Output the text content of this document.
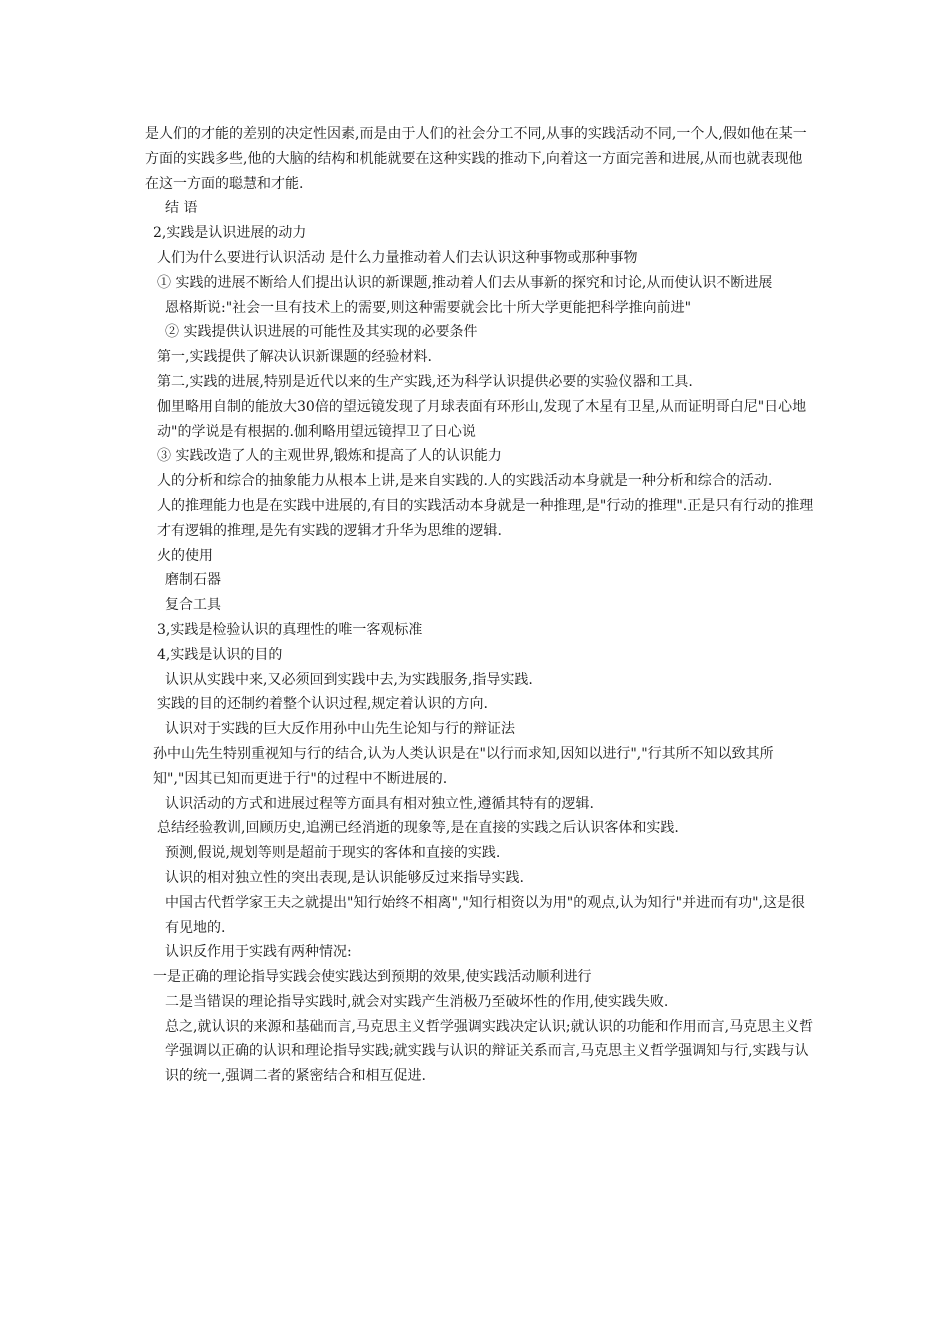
是人们的才能的差别的决定性因素,而是由于人们的社会分工不同,从事的实践活动不同,一个人,假如他在某一方面的实践多些,他的大脑的结构和机能就要在这种实践的推动下,向着这一方面完善和进展,从而也就表现他在这一方面的聪慧和才能.

结 语

2,实践是认识进展的动力

人们为什么要进行认识活动 是什么力量推动着人们去认识这种事物或那种事物

① 实践的进展不断给人们提出认识的新课题,推动着人们去从事新的探究和讨论,从而使认识不断进展

恩格斯说:"社会一旦有技术上的需要,则这种需要就会比十所大学更能把科学推向前进"

② 实践提供认识进展的可能性及其实现的必要条件

第一,实践提供了解决认识新课题的经验材料.

第二,实践的进展,特别是近代以来的生产实践,还为科学认识提供必要的实验仪器和工具.

伽里略用自制的能放大30倍的望远镜发现了月球表面有环形山,发现了木星有卫星,从而证明哥白尼"日心地动"的学说是有根据的.伽利略用望远镜捍卫了日心说

③ 实践改造了人的主观世界,锻炼和提高了人的认识能力

人的分析和综合的抽象能力从根本上讲,是来自实践的.人的实践活动本身就是一种分析和综合的活动.

人的推理能力也是在实践中进展的,有目的实践活动本身就是一种推理,是"行动的推理".正是只有行动的推理才有逻辑的推理,是先有实践的逻辑才升华为思维的逻辑.

火的使用

磨制石器

复合工具

3,实践是检验认识的真理性的唯一客观标准

4,实践是认识的目的

认识从实践中来,又必须回到实践中去,为实践服务,指导实践.

实践的目的还制约着整个认识过程,规定着认识的方向.

认识对于实践的巨大反作用孙中山先生论知与行的辩证法

孙中山先生特别重视知与行的结合,认为人类认识是在"以行而求知,因知以进行","行其所不知以致其所知","因其已知而更进于行"的过程中不断进展的.

认识活动的方式和进展过程等方面具有相对独立性,遵循其特有的逻辑.

总结经验教训,回顾历史,追溯已经消逝的现象等,是在直接的实践之后认识客体和实践.

预测,假说,规划等则是超前于现实的客体和直接的实践.

认识的相对独立性的突出表现,是认识能够反过来指导实践.

中国古代哲学家王夫之就提出"知行始终不相离","知行相资以为用"的观点,认为知行"并进而有功",这是很有见地的.

认识反作用于实践有两种情况:

一是正确的理论指导实践会使实践达到预期的效果,使实践活动顺利进行

二是当错误的理论指导实践时,就会对实践产生消极乃至破坏性的作用,使实践失败.

总之,就认识的来源和基础而言,马克思主义哲学强调实践决定认识;就认识的功能和作用而言,马克思主义哲学强调以正确的认识和理论指导实践;就实践与认识的辩证关系而言,马克思主义哲学强调知与行,实践与认识的统一,强调二者的紧密结合和相互促进.
